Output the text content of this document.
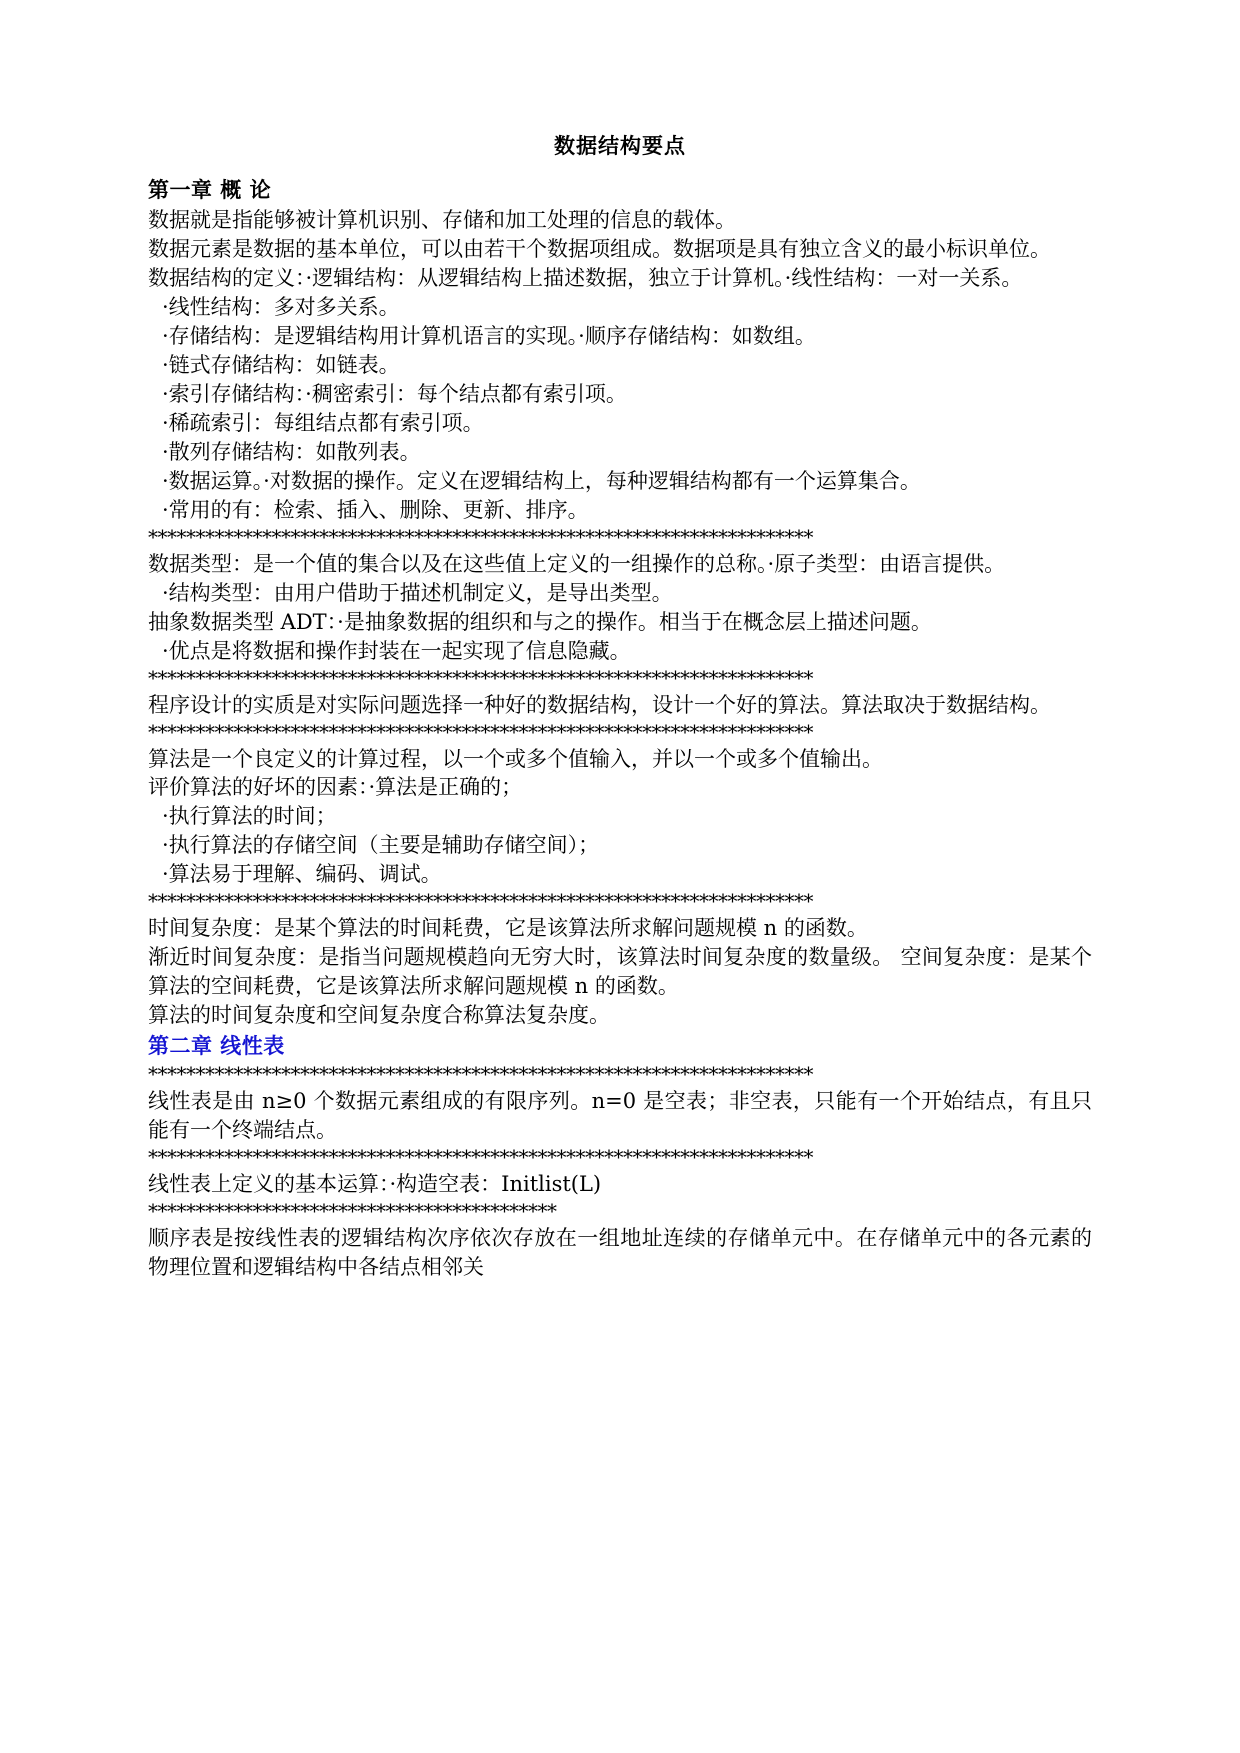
数据结构要点
第一章 概 论

数据就是指能够被计算机识别、存储和加工处理的信息的载体。

数据元素是数据的基本单位，可以由若干个数据项组成。数据项是具有独立含义的最小标识单位。

数据结构的定义：·逻辑结构：从逻辑结构上描述数据，独立于计算机。·线性结构：一对一关系。

·线性结构：多对多关系。

·存储结构：是逻辑结构用计算机语言的实现。·顺序存储结构：如数组。

·链式存储结构：如链表。

·索引存储结构：·稠密索引：每个结点都有索引项。

·稀疏索引：每组结点都有索引项。

·散列存储结构：如散列表。

·数据运算。·对数据的操作。定义在逻辑结构上，每种逻辑结构都有一个运算集合。

·常用的有：检索、插入、删除、更新、排序。

**********************************************************************

数据类型：是一个值的集合以及在这些值上定义的一组操作的总称。·原子类型：由语言提供。

·结构类型：由用户借助于描述机制定义，是导出类型。

抽象数据类型 ADT：·是抽象数据的组织和与之的操作。相当于在概念层上描述问题。

·优点是将数据和操作封装在一起实现了信息隐藏。

**********************************************************************

程序设计的实质是对实际问题选择一种好的数据结构，设计一个好的算法。算法取决于数据结构。

**********************************************************************

算法是一个良定义的计算过程，以一个或多个值输入，并以一个或多个值输出。

评价算法的好坏的因素：·算法是正确的；

·执行算法的时间；

·执行算法的存储空间（主要是辅助存储空间）；

·算法易于理解、编码、调试。

**********************************************************************

时间复杂度：是某个算法的时间耗费，它是该算法所求解问题规模 n 的函数。

渐近时间复杂度：是指当问题规模趋向无穷大时，该算法时间复杂度的数量级。 空间复杂度：是某个算法的空间耗费，它是该算法所求解问题规模 n 的函数。

算法的时间复杂度和空间复杂度合称算法复杂度。

第二章 线性表
**********************************************************************

线性表是由 n≥0 个数据元素组成的有限序列。n=0 是空表；非空表，只能有一个开始结点，有且只能有一个终端结点。

**********************************************************************

线性表上定义的基本运算：·构造空表：Initlist(L)

*******************************************

顺序表是按线性表的逻辑结构次序依次存放在一组地址连续的存储单元中。在存储单元中的各元素的物理位置和逻辑结构中各结点相邻关
